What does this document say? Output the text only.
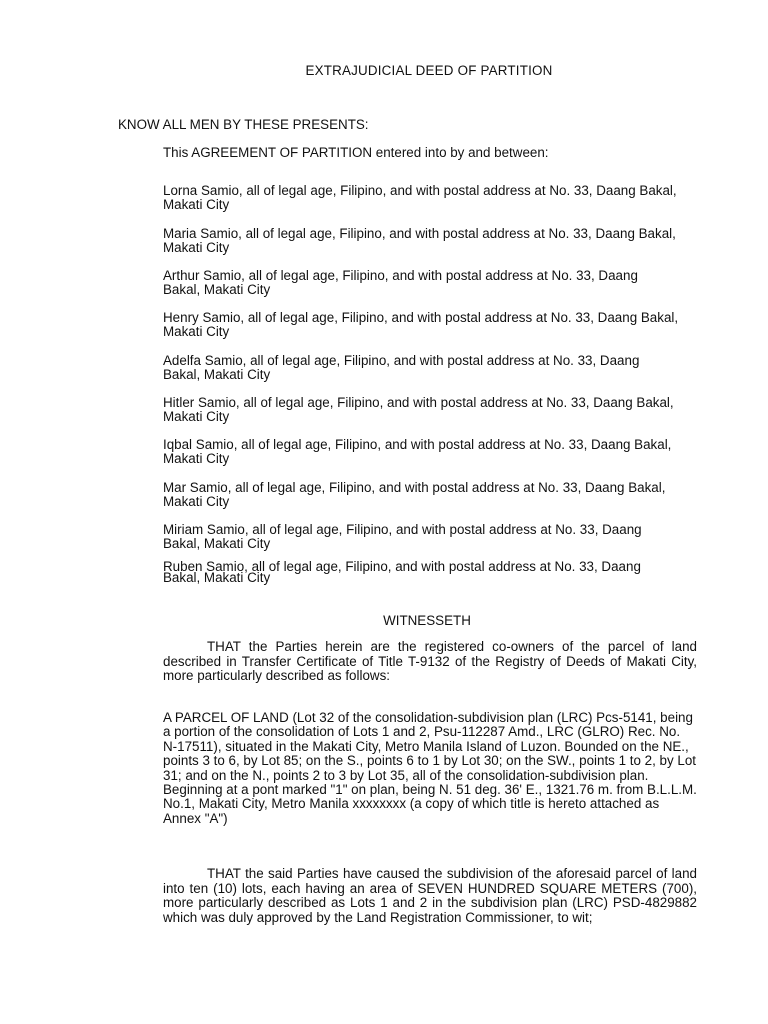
EXTRAJUDICIAL DEED OF PARTITION
KNOW ALL MEN BY THESE PRESENTS:
This AGREEMENT OF PARTITION entered into by and between:
Lorna Samio, all of legal age, Filipino, and with postal address at No. 33, Daang Bakal, Makati City
Maria Samio, all of legal age, Filipino, and with postal address at No. 33, Daang Bakal, Makati City
Arthur Samio, all of legal age, Filipino, and with postal address at No. 33, Daang Bakal, Makati City
Henry Samio, all of legal age, Filipino, and with postal address at No. 33, Daang Bakal, Makati City
Adelfa Samio, all of legal age, Filipino, and with postal address at No. 33, Daang Bakal, Makati City
Hitler Samio, all of legal age, Filipino, and with postal address at No. 33, Daang Bakal, Makati City
Iqbal Samio, all of legal age, Filipino, and with postal address at No. 33, Daang Bakal, Makati City
Mar Samio, all of legal age, Filipino, and with postal address at No. 33, Daang Bakal, Makati City
Miriam Samio, all of legal age, Filipino, and with postal address at No. 33, Daang Bakal, Makati City
Ruben Samio, all of legal age, Filipino, and with postal address at No. 33, Daang Bakal, Makati City
WITNESSETH
THAT the Parties herein are the registered co-owners of the parcel of land described in Transfer Certificate of Title T-9132 of the Registry of Deeds of Makati City, more particularly described as follows:
A PARCEL OF LAND (Lot 32 of the consolidation-subdivision plan (LRC) Pcs-5141, being a portion of the consolidation of Lots 1 and 2, Psu-112287 Amd., LRC (GLRO) Rec. No. N-17511), situated in the Makati City, Metro Manila Island of Luzon. Bounded on the NE., points 3 to 6, by Lot 85; on the S., points 6 to 1 by Lot 30; on the SW., points 1 to 2, by Lot 31; and on the N., points 2 to 3 by Lot 35, all of the consolidation-subdivision plan. Beginning at a pont marked "1" on plan, being N. 51 deg. 36' E., 1321.76 m. from B.L.L.M. No.1, Makati City, Metro Manila xxxxxxxx (a copy of which title is hereto attached as Annex "A")
THAT the said Parties have caused the subdivision of the aforesaid parcel of land into ten (10) lots, each having an area of SEVEN HUNDRED SQUARE METERS (700), more particularly described as Lots 1 and 2 in the subdivision plan (LRC) PSD-4829882 which was duly approved by the Land Registration Commissioner, to wit;
